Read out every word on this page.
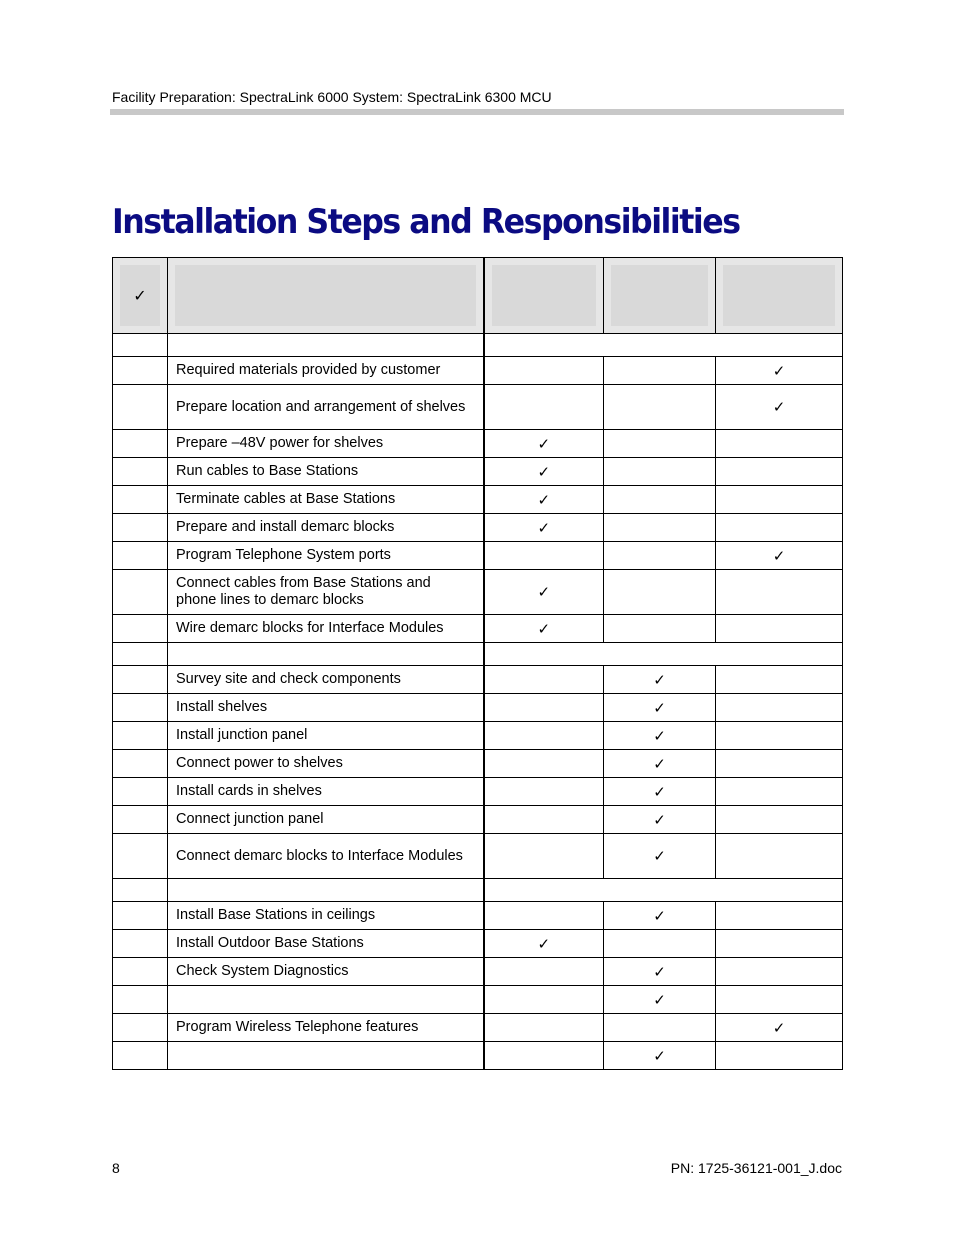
Facility Preparation: SpectraLink 6000 System: SpectraLink 6300 MCU
Installation Steps and Responsibilities
✓				

	Required materials provided by customer			✓
	Prepare location and arrangement of shelves			✓
	Prepare –48V power for shelves	✓		
	Run cables to Base Stations	✓		
	Terminate cables at Base Stations	✓		
	Prepare and install demarc blocks	✓		
	Program Telephone System ports			✓
	Connect cables from Base Stations and phone lines to demarc blocks	✓		
	Wire demarc blocks for Interface Modules	✓		

	Survey site and check components		✓	
	Install shelves		✓	
	Install junction panel		✓	
	Connect power to shelves		✓	
	Install cards in shelves		✓	
	Connect junction panel		✓	
	Connect demarc blocks to Interface Modules		✓	

	Install Base Stations in ceilings		✓	
	Install Outdoor Base Stations	✓		
	Check System Diagnostics		✓	
			✓	
	Program Wireless Telephone features			✓
			✓	
8	PN: 1725-36121-001_J.doc
